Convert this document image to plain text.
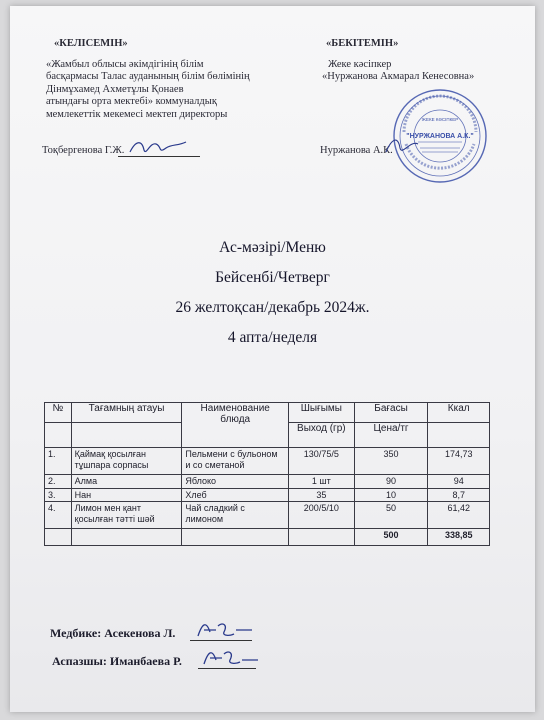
«КЕЛІСЕМІН»
«Жамбыл облысы әкімдігінің білім
басқармасы Талас ауданының білім бөлімінің
Дінмұхамед Ахметұлы Қонаев
атындағы орта мектебі» коммуналдық
мемлекеттік мекемесі мектеп директоры
Тоқбергенова Г.Ж.
«БЕКІТЕМІН»
Жеке кәсіпкер
«Нуржанова Акмарал Кенесовна»
Нуржанова А.К.
ЖЕКЕ КӘСІПКЕР
"НУРЖАНОВА А.К."
Ас-мәзірі/Меню
Бейсенбі/Четверг
26 желтоқсан/декабрь 2024ж.
4 апта/неделя
№	Тағамның атауы	Наименование блюда	Шығымы	Бағасы	Ккал
			Выход (гр)	Цена/тг	
1.	Қаймақ қосылған тұшпара сорпасы	Пельмени с бульоном и со сметаной	130/75/5	350	174,73
2.	Алма	Яблоко	1 шт	90	94
3.	Нан	Хлеб	35	10	8,7
4.	Лимон мен қант қосылған тәтті шәй	Чай сладкий с лимоном	200/5/10	50	61,42
				500	338,85
Медбике: Асекенова Л.
Аспазшы: Иманбаева Р.
